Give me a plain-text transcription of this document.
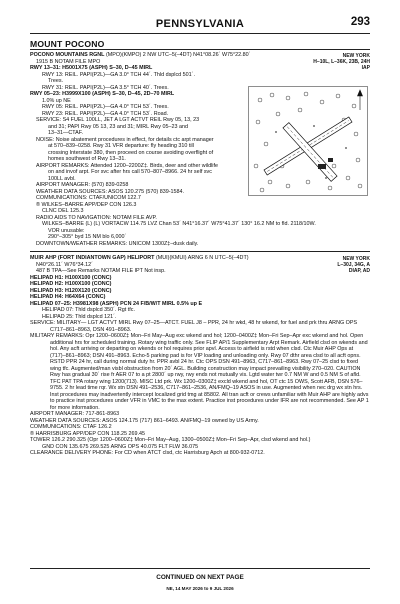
PENNSYLVANIA	293
MOUNT POCONO
NEW YORK
H–10L, L–36K, 23B, 24H
IAP
POCONO MOUNTAINS RGNL (MPO)(KMPO) 2 NW UTC–5(–4DT) N41°08.26´ W75°22.80´
1915 B NOTAM FILE MPO
RWY 13–31: H5001X75 (ASPH) S–30, D–45 MIRL
RWY 13: REIL. PAPI(P2L)—GA 3.0° TCH 44´. Thld dsplcd 501´.
Trees.
RWY 31: REIL. PAPI(P2L)—GA 3.5° TCH 40´. Trees.
RWY 05–23: H3999X100 (ASPH) S–30, D–45, 2D–70 MIRL
1.0% up NE
RWY 05: REIL. PAPI(P2L)—GA 4.0° TCH 53´. Trees.
RWY 23: REIL. PAPI(P2L)—GA 4.0° TCH 53´. Road.
SERVICE: S4 FUEL 100LL, JET A LGT ACTVT REIL Rwy 05, 13, 23
and 31; PAPI Rwy 05 13, 23 and 31; MIRL Rwy 05–23 and
13–31—CTAF.
NOISE: Noise abatement procedures in effect, for details ctc arpt manager
at 570–839–0258. Rwy 31 VFR departure: fly heading 310 till
crossing Interstate 380, then proceed on course avoiding overflight of
homes southwest of Rwy 13–31.
AIRPORT REMARKS: Attended 1200–2200Z‡. Birds, deer and other wildlife
on and invof arpt. For svc after hrs call 570–807–8966. 24 hr self svc
100LL avbl.
AIRPORT MANAGER: (570) 839-0258
WEATHER DATA SOURCES: ASOS 120.275 (570) 839-1584.
COMMUNICATIONS: CTAF/UNICOM 122.7
® WILKES–BARRE APP/DEP CON 126.3
CLNC DEL 125.3
RADIO AIDS TO NAVIGATION: NOTAM FILE AVP.
WILKES–BARRE (L) (L) VORTACW 114.75 LVZ Chan 53´ N41°16.37´ W75°41.37´ 130° 16.2 NM to fld. 2118/10W.
VOR unusable:
290°–305° byd 15 NM blo 6,000´
DOWNTOWN/WEATHER REMARKS: UNICOM 1300Z‡–dusk daily.
NEW YORK
L–30J, 34G, A
DIAP, AD
MUIR AHP (FORT INDIANTOWN GAP) HELIPORT (MUI)(KMUI) ARNG 6 N UTC–5(–4DT)
N40°26.11´ W76°34.12´
487 B TPA—See Remarks NOTAM FILE IPT Not insp.
HELIPAD H1: H100X100 (CONC)
HELIPAD H2: H100X100 (CONC)
HELIPAD H3: H120X120 (CONC)
HELIPAD H4: H64X64 (CONC)
HELIPAD 07–25: H3981X98 (ASPH) PCN 24 F/B/W/T MIRL 0.5% up E
HELIPAD 07: Thld dsplcd 350´. Rgt tfc.
HELIPAD 25: Thld dsplcd 121´.
SERVICE: MILITARY— LGT ACTVT MIRL Rwy 07–25—ATCT. FUEL J8 – PPR, 24 hr wkd, 48 hr wkend, for fuel and prk thru ARNG OPS C717–861–8963, DSN 491–8963.
MILITARY REMARKS: Opr 1200–0600Z‡ Mon–Fri May–Aug exc wkend and hol; 1200–0400Z‡ Mon–Fri Sep–Apr exc wkend and hol. Open additional hrs for scheduled training. Rotary wing traffic only. See FLIP AP/1 Supplementary Arpt Remark. Airfield clsd on wkends and hol. Any acft arriving or departing on wkends or hol requires prior apvl. Access to airfield is rstd when clsd. Ctc Muir AHP Ops at (717)–861–8963; DSN 491–8963. Echo-5 parking pad is for VIP loading and unloading only. Rwy 07 dthr area clsd to all acft opns. RSTD PPR 24 hr, call during normal duty hr. PPR avbl 24 hr. Ctc OPS DSN 491–8963, C717–861–8963. Rwy 07–25 clsd to fixed wing tfc. Augmented/man visbl obstruction from 20´ AGL. Building construction may impact prevailing visibility 270–020. CAUTION Rwy has gradual 30´ rise fr AER 07 to a pt 2800´ up rwy, rwy ends not mutually vis. Lgtd water twr 0.7 NM W and 0.5 NM S of afld. TFC PAT TPA rotary wing 1200(713). MISC Ltd prk. Wx 1200–0300Z‡ excld wkend and hol, OT ctc 15 OWS, Scott AFB, DSN 576–9755. 2 hr lead time rqr. Wx stn DSN 491–2536, C717–861–2536, AN/FMQ–19 ASOS in use. Augmented when nec drg wx stn hrs. Inst procedures may inadvertently intercept localized grid tmg at 85802. All tran acft or crews unfamiliar with Muir AHP are highly advs to practice inst procedures under VFR in VMC to the max extent. Practice inst procedures under IFR are not recommended. See AP 1 for more information.
AIRPORT MANAGER: 717-861-8963
WEATHER DATA SOURCES: ASOS 124.175 (717) 861–6493. AN/FMQ–19 owned by US Army.
COMMUNICATIONS: CTAF 126.2
® HARRISBURG APP/DEP CON 118.25 269.45
TOWER 126.2 290.325 (Opr 1200–0600Z‡ Mon–Fri May–Aug, 1300–0500Z‡ Mon–Fri Sep–Apr, clsd wkend and hol.)
GND CON 135.675 269.525 ARNG OPS 40.075 FLT FLW 36.075
CLEARANCE DELIVERY PHONE: For CD when ATCT clsd, ctc Harrisburg Apch at 800-932-0712.
CONTINUED ON NEXT PAGE
NE, 14 MAY 2026 to 9 JUL 2026
